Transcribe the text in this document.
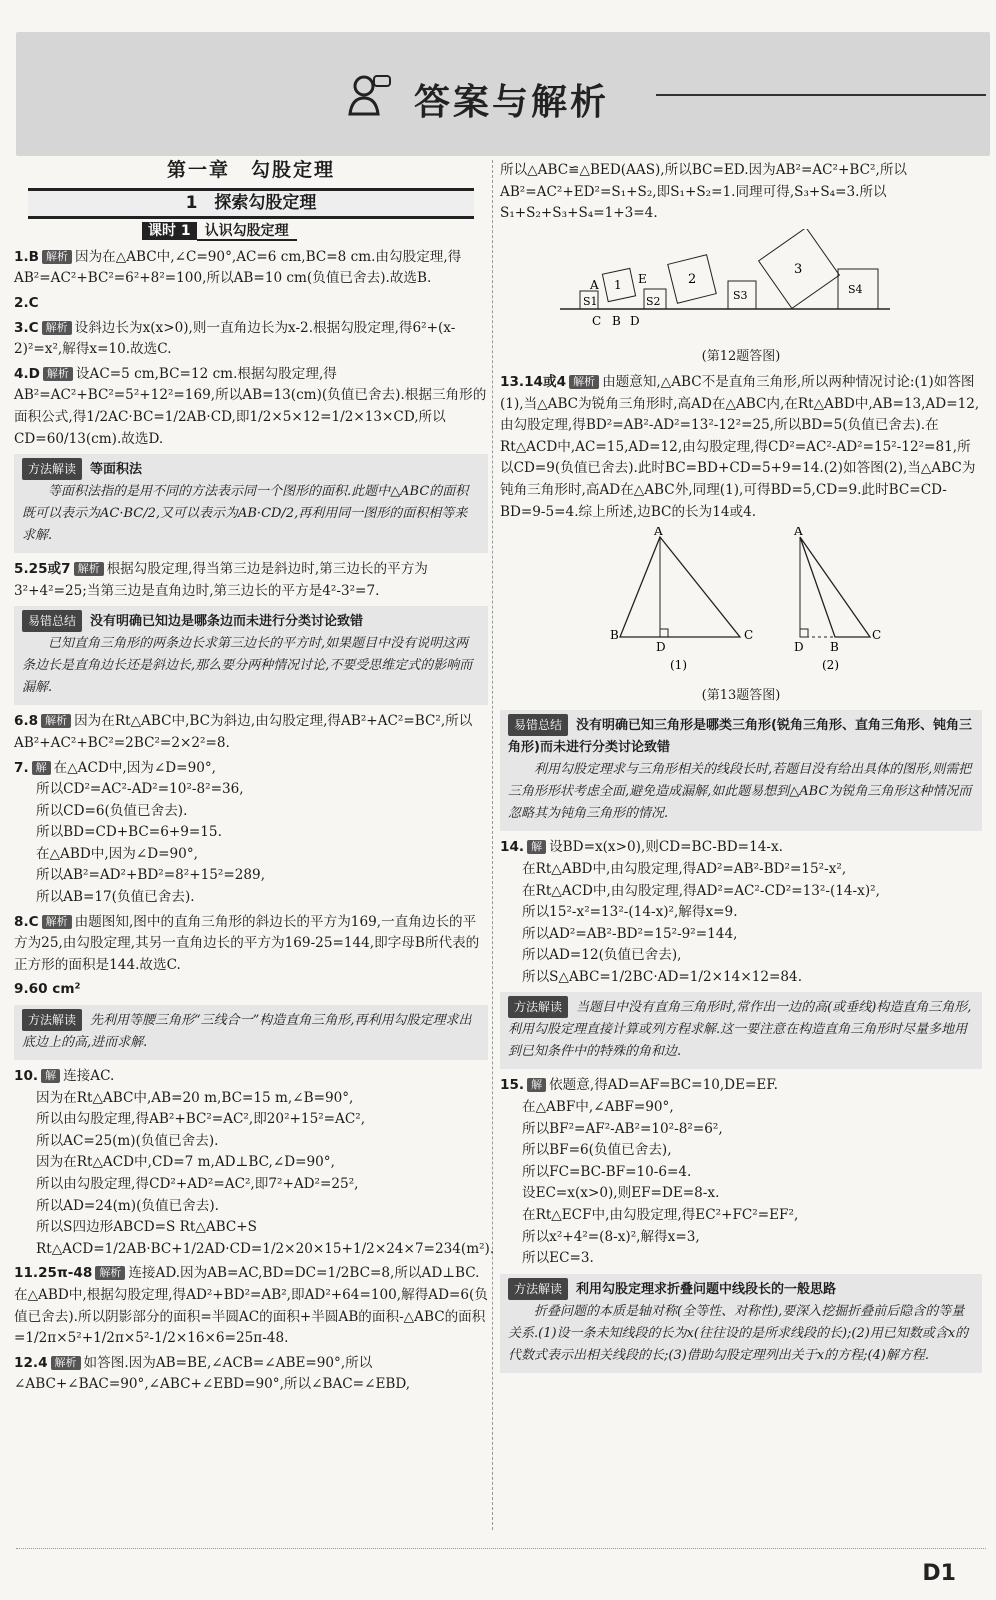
答案与解析
第一章　勾股定理
1　探索勾股定理
课时 1 认识勾股定理
1.B 解析 因为在△ABC中,∠C=90°,AC=6 cm,BC=8 cm.由勾股定理,得AB²=AC²+BC²=6²+8²=100,所以AB=10 cm(负值已舍去).故选B.
2.C
3.C 解析 设斜边长为x(x>0),则一直角边长为x-2.根据勾股定理,得6²+(x-2)²=x²,解得x=10.故选C.
4.D 解析 设AC=5 cm,BC=12 cm.根据勾股定理,得AB²=AC²+BC²=5²+12²=169,所以AB=13(cm)(负值已舍去).根据三角形的面积公式,得1/2AC·BC=1/2AB·CD,即1/2×5×12=1/2×13×CD,所以CD=60/13(cm).故选D.
方法解读 等面积法
等面积法指的是用不同的方法表示同一个图形的面积.此题中△ABC的面积既可以表示为AC·BC/2,又可以表示为AB·CD/2,再利用同一图形的面积相等来求解.
5.25或7 解析 根据勾股定理,得当第三边是斜边时,第三边长的平方为3²+4²=25;当第三边是直角边时,第三边长的平方是4²-3²=7.
易错总结 没有明确已知边是哪条边而未进行分类讨论致错
已知直角三角形的两条边长求第三边长的平方时,如果题目中没有说明这两条边长是直角边长还是斜边长,那么要分两种情况讨论,不要受思维定式的影响而漏解.
6.8 解析 因为在Rt△ABC中,BC为斜边,由勾股定理,得AB²+AC²=BC²,所以AB²+AC²+BC²=2BC²=2×2²=8.
7. 解 在△ACD中,因为∠D=90°,
所以CD²=AC²-AD²=10²-8²=36,
所以CD=6(负值已舍去).
所以BD=CD+BC=6+9=15.
在△ABD中,因为∠D=90°,
所以AB²=AD²+BD²=8²+15²=289,
所以AB=17(负值已舍去).
8.C 解析 由题图知,图中的直角三角形的斜边长的平方为169,一直角边长的平方为25,由勾股定理,其另一直角边长的平方为169-25=144,即字母B所代表的正方形的面积是144.故选C.
9.60 cm²
方法解读 先利用等腰三角形“三线合一”构造直角三角形,再利用勾股定理求出底边上的高,进而求解.
10. 解 连接AC.
因为在Rt△ABC中,AB=20 m,BC=15 m,∠B=90°,
所以由勾股定理,得AB²+BC²=AC²,即20²+15²=AC²,
所以AC=25(m)(负值已舍去).
因为在Rt△ACD中,CD=7 m,AD⊥BC,∠D=90°,
所以由勾股定理,得CD²+AD²=AC²,即7²+AD²=25²,
所以AD=24(m)(负值已舍去).
所以S四边形ABCD=S Rt△ABC+S Rt△ACD=1/2AB·BC+1/2AD·CD=1/2×20×15+1/2×24×7=234(m²).
11.25π-48 解析 连接AD.因为AB=AC,BD=DC=1/2BC=8,所以AD⊥BC.在△ABD中,根据勾股定理,得AD²+BD²=AB²,即AD²+64=100,解得AD=6(负值已舍去).所以阴影部分的面积=半圆AC的面积+半圆AB的面积-△ABC的面积=1/2π×5²+1/2π×5²-1/2×16×6=25π-48.
12.4 解析 如答图.因为AB=BE,∠ACB=∠ABE=90°,所以∠ABC+∠BAC=90°,∠ABC+∠EBD=90°,所以∠BAC=∠EBD,
所以△ABC≌△BED(AAS),所以BC=ED.因为AB²=AC²+BC²,所以AB²=AC²+ED²=S₁+S₂,即S₁+S₂=1.同理可得,S₃+S₄=3.所以S₁+S₂+S₃+S₄=1+3=4.
S1
1
S2
2
S3
3
S4
A
C B D
E
(第12题答图)
13.14或4 解析 由题意知,△ABC不是直角三角形,所以两种情况讨论:(1)如答图(1),当△ABC为锐角三角形时,高AD在△ABC内,在Rt△ABD中,AB=13,AD=12,由勾股定理,得BD²=AB²-AD²=13²-12²=25,所以BD=5(负值已舍去).在Rt△ACD中,AC=15,AD=12,由勾股定理,得CD²=AC²-AD²=15²-12²=81,所以CD=9(负值已舍去).此时BC=BD+CD=5+9=14.(2)如答图(2),当△ABC为钝角三角形时,高AD在△ABC外,同理(1),可得BD=5,CD=9.此时BC=CD-BD=9-5=4.综上所述,边BC的长为14或4.
A
B
D
C
A
D B
C
(1)	(2)
(第13题答图)
易错总结 没有明确已知三角形是哪类三角形(锐角三角形、直角三角形、钝角三角形)而未进行分类讨论致错
利用勾股定理求与三角形相关的线段长时,若题目没有给出具体的图形,则需把三角形形状考虑全面,避免造成漏解,如此题易想到△ABC为锐角三角形这种情况而忽略其为钝角三角形的情况.
14. 解 设BD=x(x>0),则CD=BC-BD=14-x.
在Rt△ABD中,由勾股定理,得AD²=AB²-BD²=15²-x²,
在Rt△ACD中,由勾股定理,得AD²=AC²-CD²=13²-(14-x)²,
所以15²-x²=13²-(14-x)²,解得x=9.
所以AD²=AB²-BD²=15²-9²=144,
所以AD=12(负值已舍去),
所以S△ABC=1/2BC·AD=1/2×14×12=84.
方法解读 当题目中没有直角三角形时,常作出一边的高(或垂线)构造直角三角形,利用勾股定理直接计算或列方程求解.这一要注意在构造直角三角形时尽量多地用到已知条件中的特殊的角和边.
15. 解 依题意,得AD=AF=BC=10,DE=EF.
在△ABF中,∠ABF=90°,
所以BF²=AF²-AB²=10²-8²=6²,
所以BF=6(负值已舍去),
所以FC=BC-BF=10-6=4.
设EC=x(x>0),则EF=DE=8-x.
在Rt△ECF中,由勾股定理,得EC²+FC²=EF²,
所以x²+4²=(8-x)²,解得x=3,
所以EC=3.
方法解读 利用勾股定理求折叠问题中线段长的一般思路
折叠问题的本质是轴对称(全等性、对称性),要深入挖掘折叠前后隐含的等量关系.(1)设一条未知线段的长为x(往往设的是所求线段的长);(2)用已知数或含x的代数式表示出相关线段的长;(3)借助勾股定理列出关于x的方程;(4)解方程.
D1
